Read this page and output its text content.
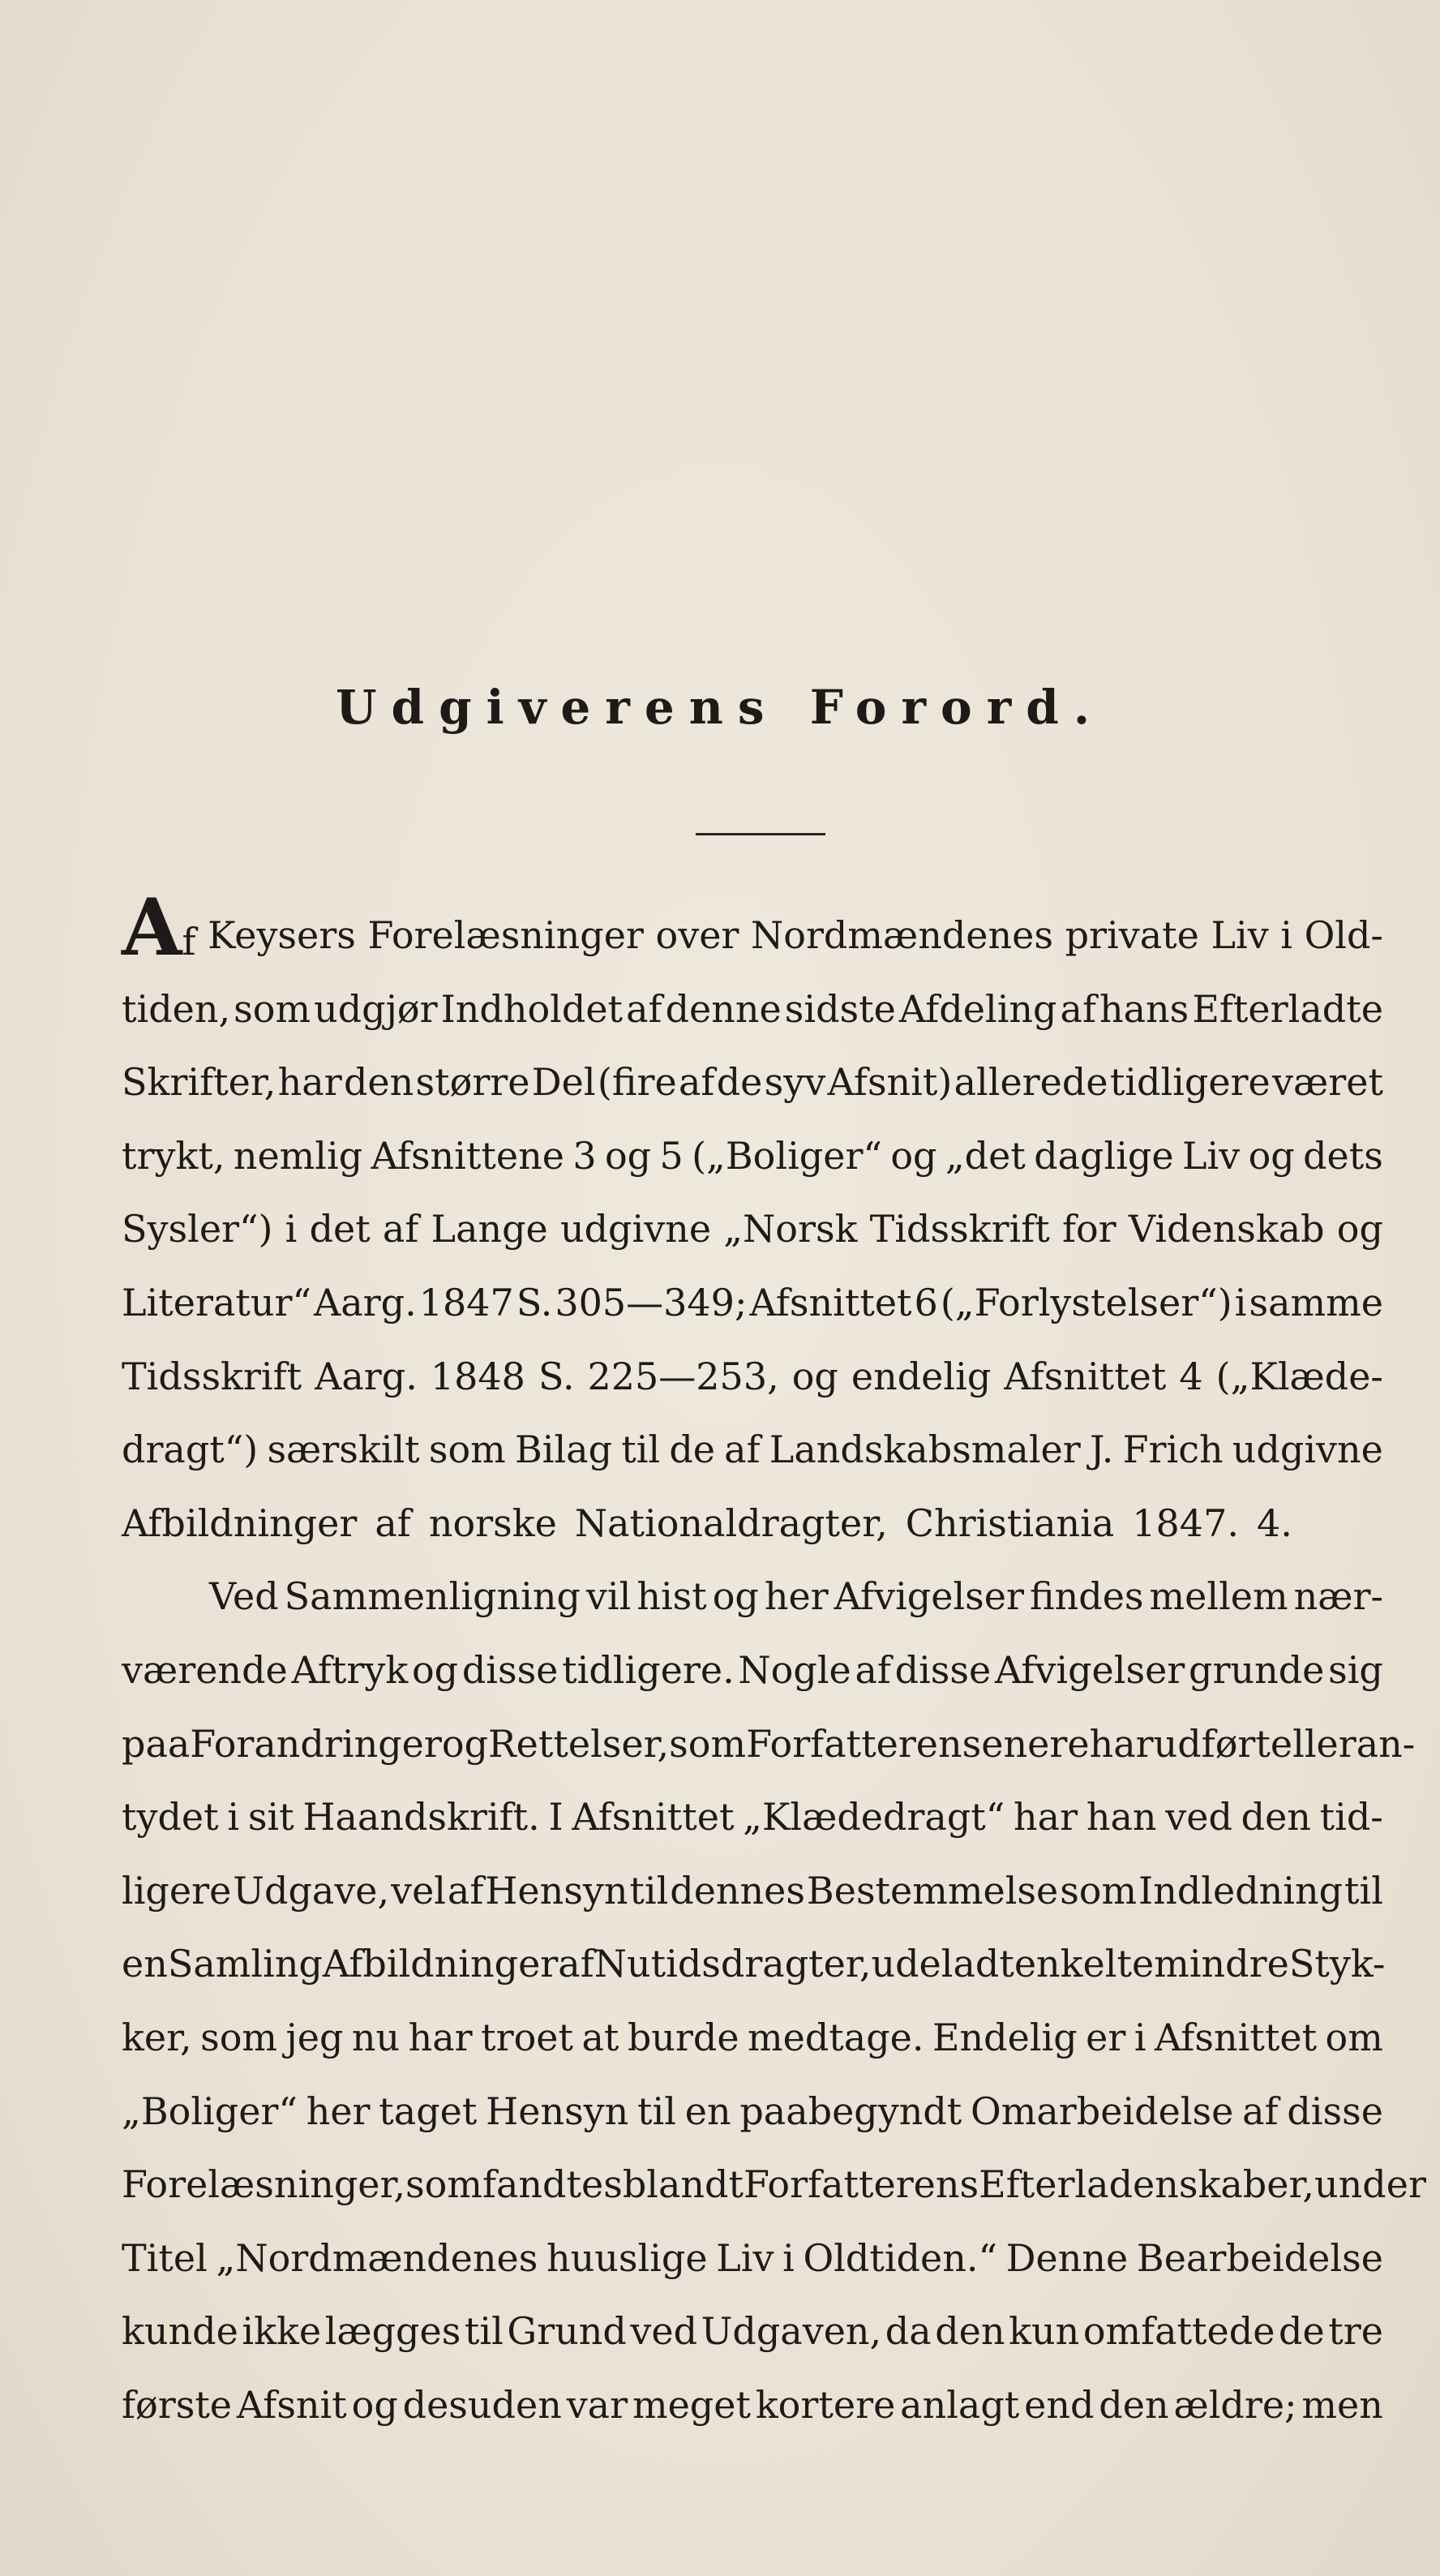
Udgiverens Forord.
Af Keysers Forelæsninger over Nordmændenes private Liv i Old-
tiden, som udgjør Indholdet af denne sidste Afdeling af hans Efterladte
Skrifter, har den større Del (fire af de syv Afsnit) allerede tidligere været
trykt, nemlig Afsnittene 3 og 5 („Boliger“ og „det daglige Liv og dets
Sysler“) i det af Lange udgivne „Norsk Tidsskrift for Videnskab og
Literatur“ Aarg. 1847 S. 305—349; Afsnittet 6 („Forlystelser“) i samme
Tidsskrift Aarg. 1848 S. 225—253, og endelig Afsnittet 4 („Klæde-
dragt“) særskilt som Bilag til de af Landskabsmaler J. Frich udgivne
Afbildninger af norske Nationaldragter, Christiania 1847. 4.
Ved Sammenligning vil hist og her Afvigelser findes mellem nær-
værende Aftryk og disse tidligere. Nogle af disse Afvigelser grunde sig
paa Forandringer og Rettelser, som Forfatteren senere har udført eller an-
tydet i sit Haandskrift. I Afsnittet „Klædedragt“ har han ved den tid-
ligere Udgave, vel af Hensyn til dennes Bestemmelse som Indledning til
en Samling Afbildninger af Nutidsdragter, udeladt enkelte mindre Styk-
ker, som jeg nu har troet at burde medtage. Endelig er i Afsnittet om
„Boliger“ her taget Hensyn til en paabegyndt Omarbeidelse af disse
Forelæsninger, som fandtes blandt Forfatterens Efterladenskaber, under
Titel „Nordmændenes huuslige Liv i Oldtiden.“ Denne Bearbeidelse
kunde ikke lægges til Grund ved Udgaven, da den kun omfattede de tre
første Afsnit og desuden var meget kortere anlagt end den ældre; men
